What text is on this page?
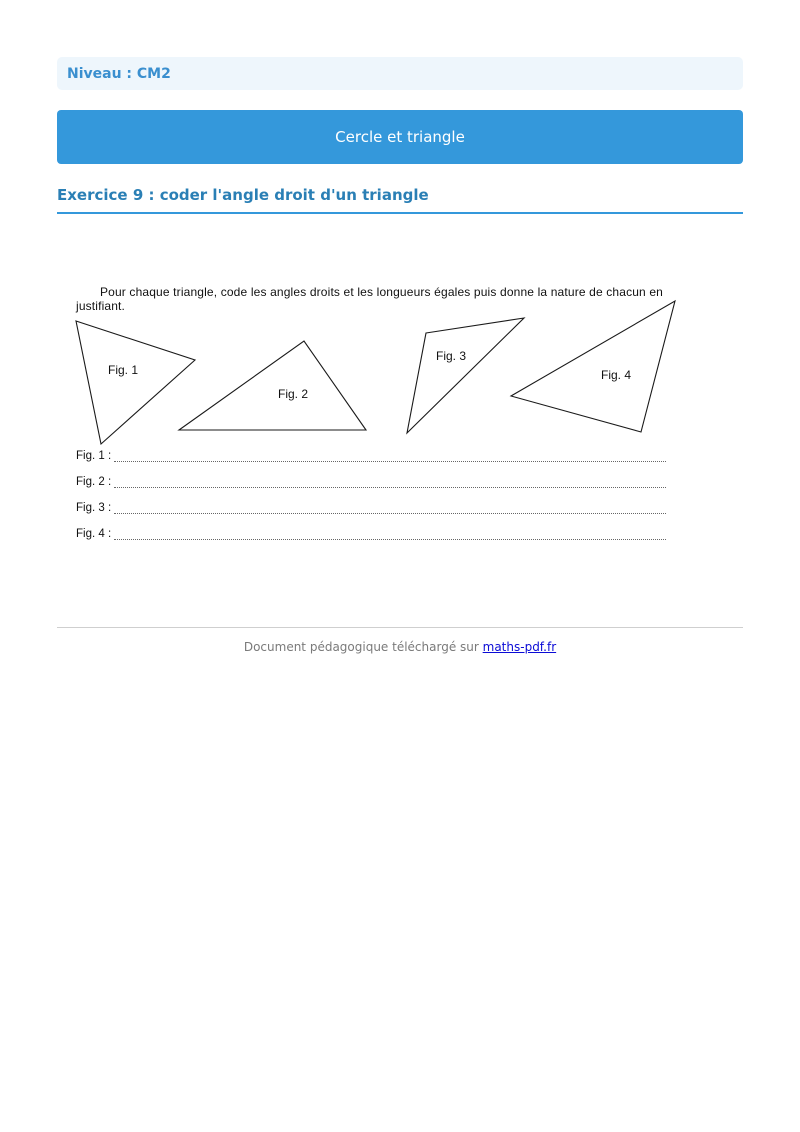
Niveau : CM2
Cercle et triangle
Exercice 9 : coder l'angle droit d'un triangle
Pour chaque triangle, code les angles droits et les longueurs égales puis donne la nature de chacun en justifiant.
Fig. 1
Fig. 2
Fig. 3
Fig. 4
Fig. 1 :
Fig. 2 :
Fig. 3 :
Fig. 4 :
Document pédagogique téléchargé sur maths-pdf.fr
